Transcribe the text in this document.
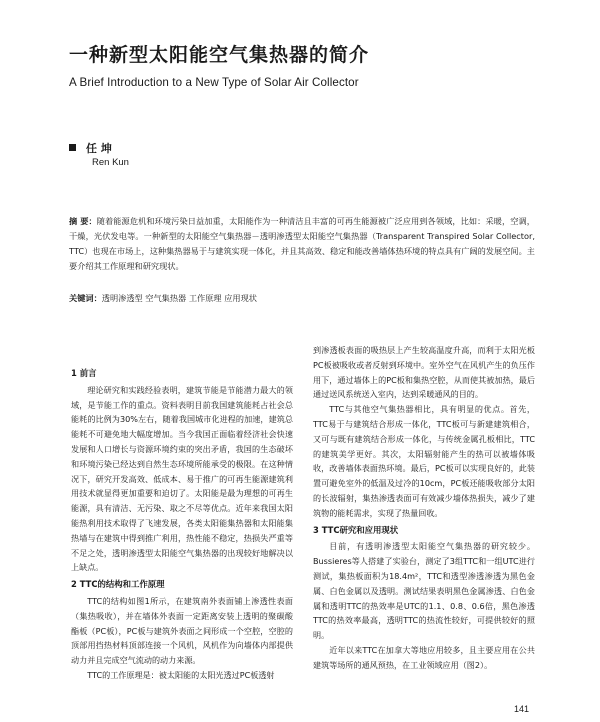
一种新型太阳能空气集热器的简介
A Brief Introduction to a New Type of Solar Air Collector
任 坤
Ren Kun
摘 要：随着能源危机和环境污染日益加重，太阳能作为一种清洁且丰富的可再生能源被广泛应用到各领域，比如：采暖，空调，干燥，光伏发电等。一种新型的太阳能空气集热器－透明渗透型太阳能空气集热器（Transparent Transpired Solar Collector, TTC）也现在市场上，这种集热器易于与建筑实现一体化，并且其高效、稳定和能改善墙体热环境的特点具有广阔的发展空间。主要介绍其工作原理和研究现状。
关键词：透明渗透型 空气集热器 工作原理 应用现状
1 前言

理论研究和实践经验表明，建筑节能是节能潜力最大的领域，是节能工作的重点。资料表明目前我国建筑能耗占社会总能耗的比例为30%左右，随着我国城市化进程的加速，建筑总能耗不可避免地大幅度增加。当今我国正面临着经济社会快速发展和人口增长与资源环境约束的突出矛盾，我国的生态破坏和环境污染已经达到自然生态环境所能承受的极限。在这种情况下，研究开发高效、低成本、易于推广的可再生能源建筑利用技术就显得更加重要和迫切了。太阳能是最为理想的可再生能源，具有清洁、无污染、取之不尽等优点。近年来我国太阳能热利用技术取得了飞速发展，各类太阳能集热器和太阳能集热墙与在建筑中得到推广利用，热性能不稳定，热损失严重等不足之处，透明渗透型太阳能空气集热器的出现较好地解决以上缺点。

2 TTC的结构和工作原理

TTC的结构如图1所示，在建筑南外表面铺上渗透性表面（集热吸收），并在墙体外表面一定距离安装上透明的聚碳酸酯板（PC板），PC板与建筑外表面之间形成一个空腔，空腔的顶部用挡热材料顶部连接一个风机，风机作为向墙体内部提供动力并且完成空气流动的动力来源。

TTC的工作原理是：被太阳能的太阳光透过PC板透射

到渗透板表面的吸热层上产生较高温度升高，而利于太阳光板PC板被吸收或者反射到环境中。室外空气在风机产生的负压作用下，通过墙体上的PC板和集热空腔，从而使其被加热，最后通过送风系统送入室内，达到采暖通风的目的。

TTC与其他空气集热器相比，具有明显的优点。首先，TTC易于与建筑结合形成一体化，TTC板可与新建建筑相合，又可与既有建筑结合形成一体化，与传统金属孔板相比，TTC的建筑美学更好。其次，太阳辐射能产生的热可以被墙体吸收，改善墙体表面热环境。最后，PC板可以实现良好的，此装置可避免室外的低温及过冷的10cm，PC板还能吸收部分太阳的长波辐射，集热渗透表面可有效减少墙体热损失，减少了建筑物的能耗需求，实现了热量回收。

3 TTC研究和应用现状

目前，有透明渗透型太阳能空气集热器的研究较少。Bussieres等人搭建了实验台，测定了3组TTC和一组UTC进行测试，集热板面积为18.4m²，TTC和透型渗透渗透为黑色金属、白色金属以及透明。测试结果表明黑色金属渗透、白色金属和透明TTC的热效率是UTC的1.1、0.8、0.6倍，黑色渗透TTC的热效率最高，透明TTC的热流性较好，可提供较好的照明。

近年以来TTC在加拿大等地应用较多，且主要应用在公共建筑等场所的通风预热，在工业领域应用（图2）。

141
